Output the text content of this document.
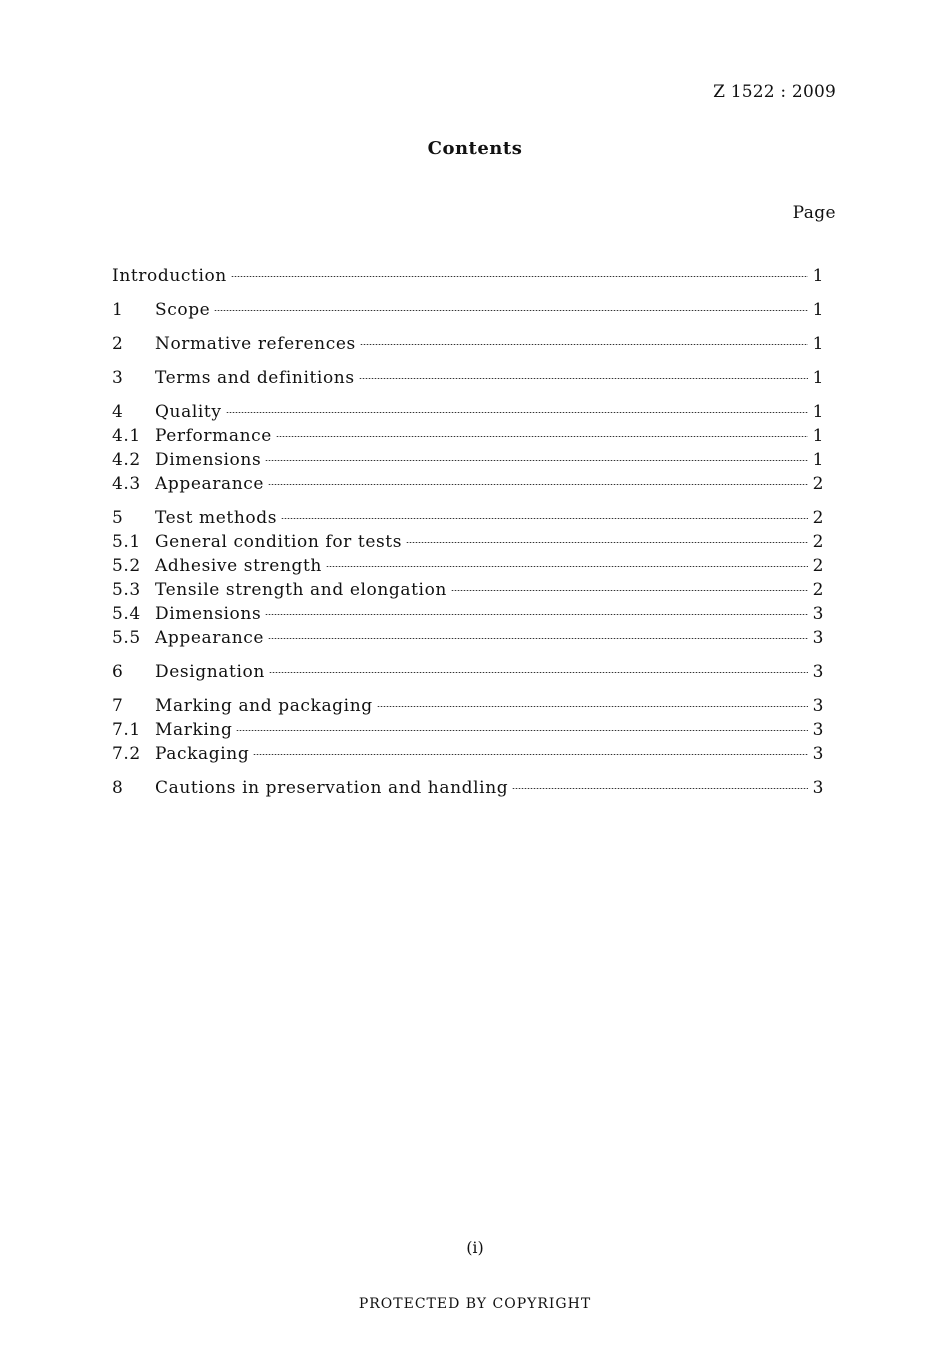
Z 1522 : 2009
Contents
Page
Introduction	1
1	Scope	1
2	Normative references	1
3	Terms and definitions	1
4	Quality	1
4.1 Performance	1
4.2 Dimensions	1
4.3 Appearance	2
5	Test methods	2
5.1 General condition for tests	2
5.2 Adhesive strength	2
5.3 Tensile strength and elongation	2
5.4 Dimensions	3
5.5 Appearance	3
6	Designation	3
7	Marking and packaging	3
7.1 Marking	3
7.2 Packaging	3
8	Cautions in preservation and handling	3
(i)
PROTECTED BY COPYRIGHT
